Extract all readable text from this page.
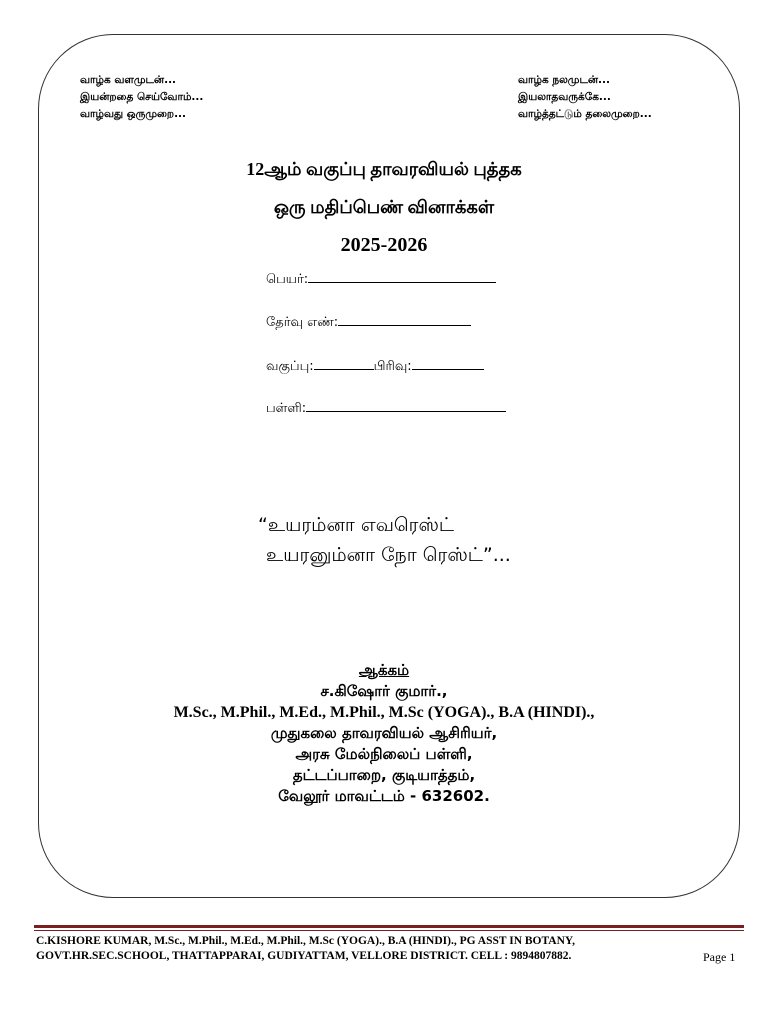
வாழ்க வளமுடன்...
இயன்றதை செய்வோம்...
வாழ்வது ஒருமுறை...
வாழ்க நலமுடன்...
இயலாதவருக்கே...
வாழ்த்தட்டும் தலைமுறை...
12ஆம் வகுப்பு தாவரவியல் புத்தக
ஒரு மதிப்பெண் வினாக்கள்
2025-2026
பெயர்:
தேர்வு எண்:
வகுப்பு:	பிரிவு:
பள்ளி:
“உயரம்னா எவரெஸ்ட்
உயரனும்னா நோ ரெஸ்ட்”...
ஆக்கம்
ச.கிஷோர் குமார்.,
M.Sc., M.Phil., M.Ed., M.Phil., M.Sc (YOGA)., B.A (HINDI).,
முதுகலை தாவரவியல் ஆசிரியர்,
அரசு மேல்நிலைப் பள்ளி,
தட்டப்பாறை, குடியாத்தம்,
வேலூர் மாவட்டம் - 632602.
C.KISHORE KUMAR, M.Sc., M.Phil., M.Ed., M.Phil., M.Sc (YOGA)., B.A (HINDI)., PG ASST IN BOTANY,
GOVT.HR.SEC.SCHOOL, THATTAPPARAI, GUDIYATTAM, VELLORE DISTRICT. CELL : 9894807882.	Page 1
